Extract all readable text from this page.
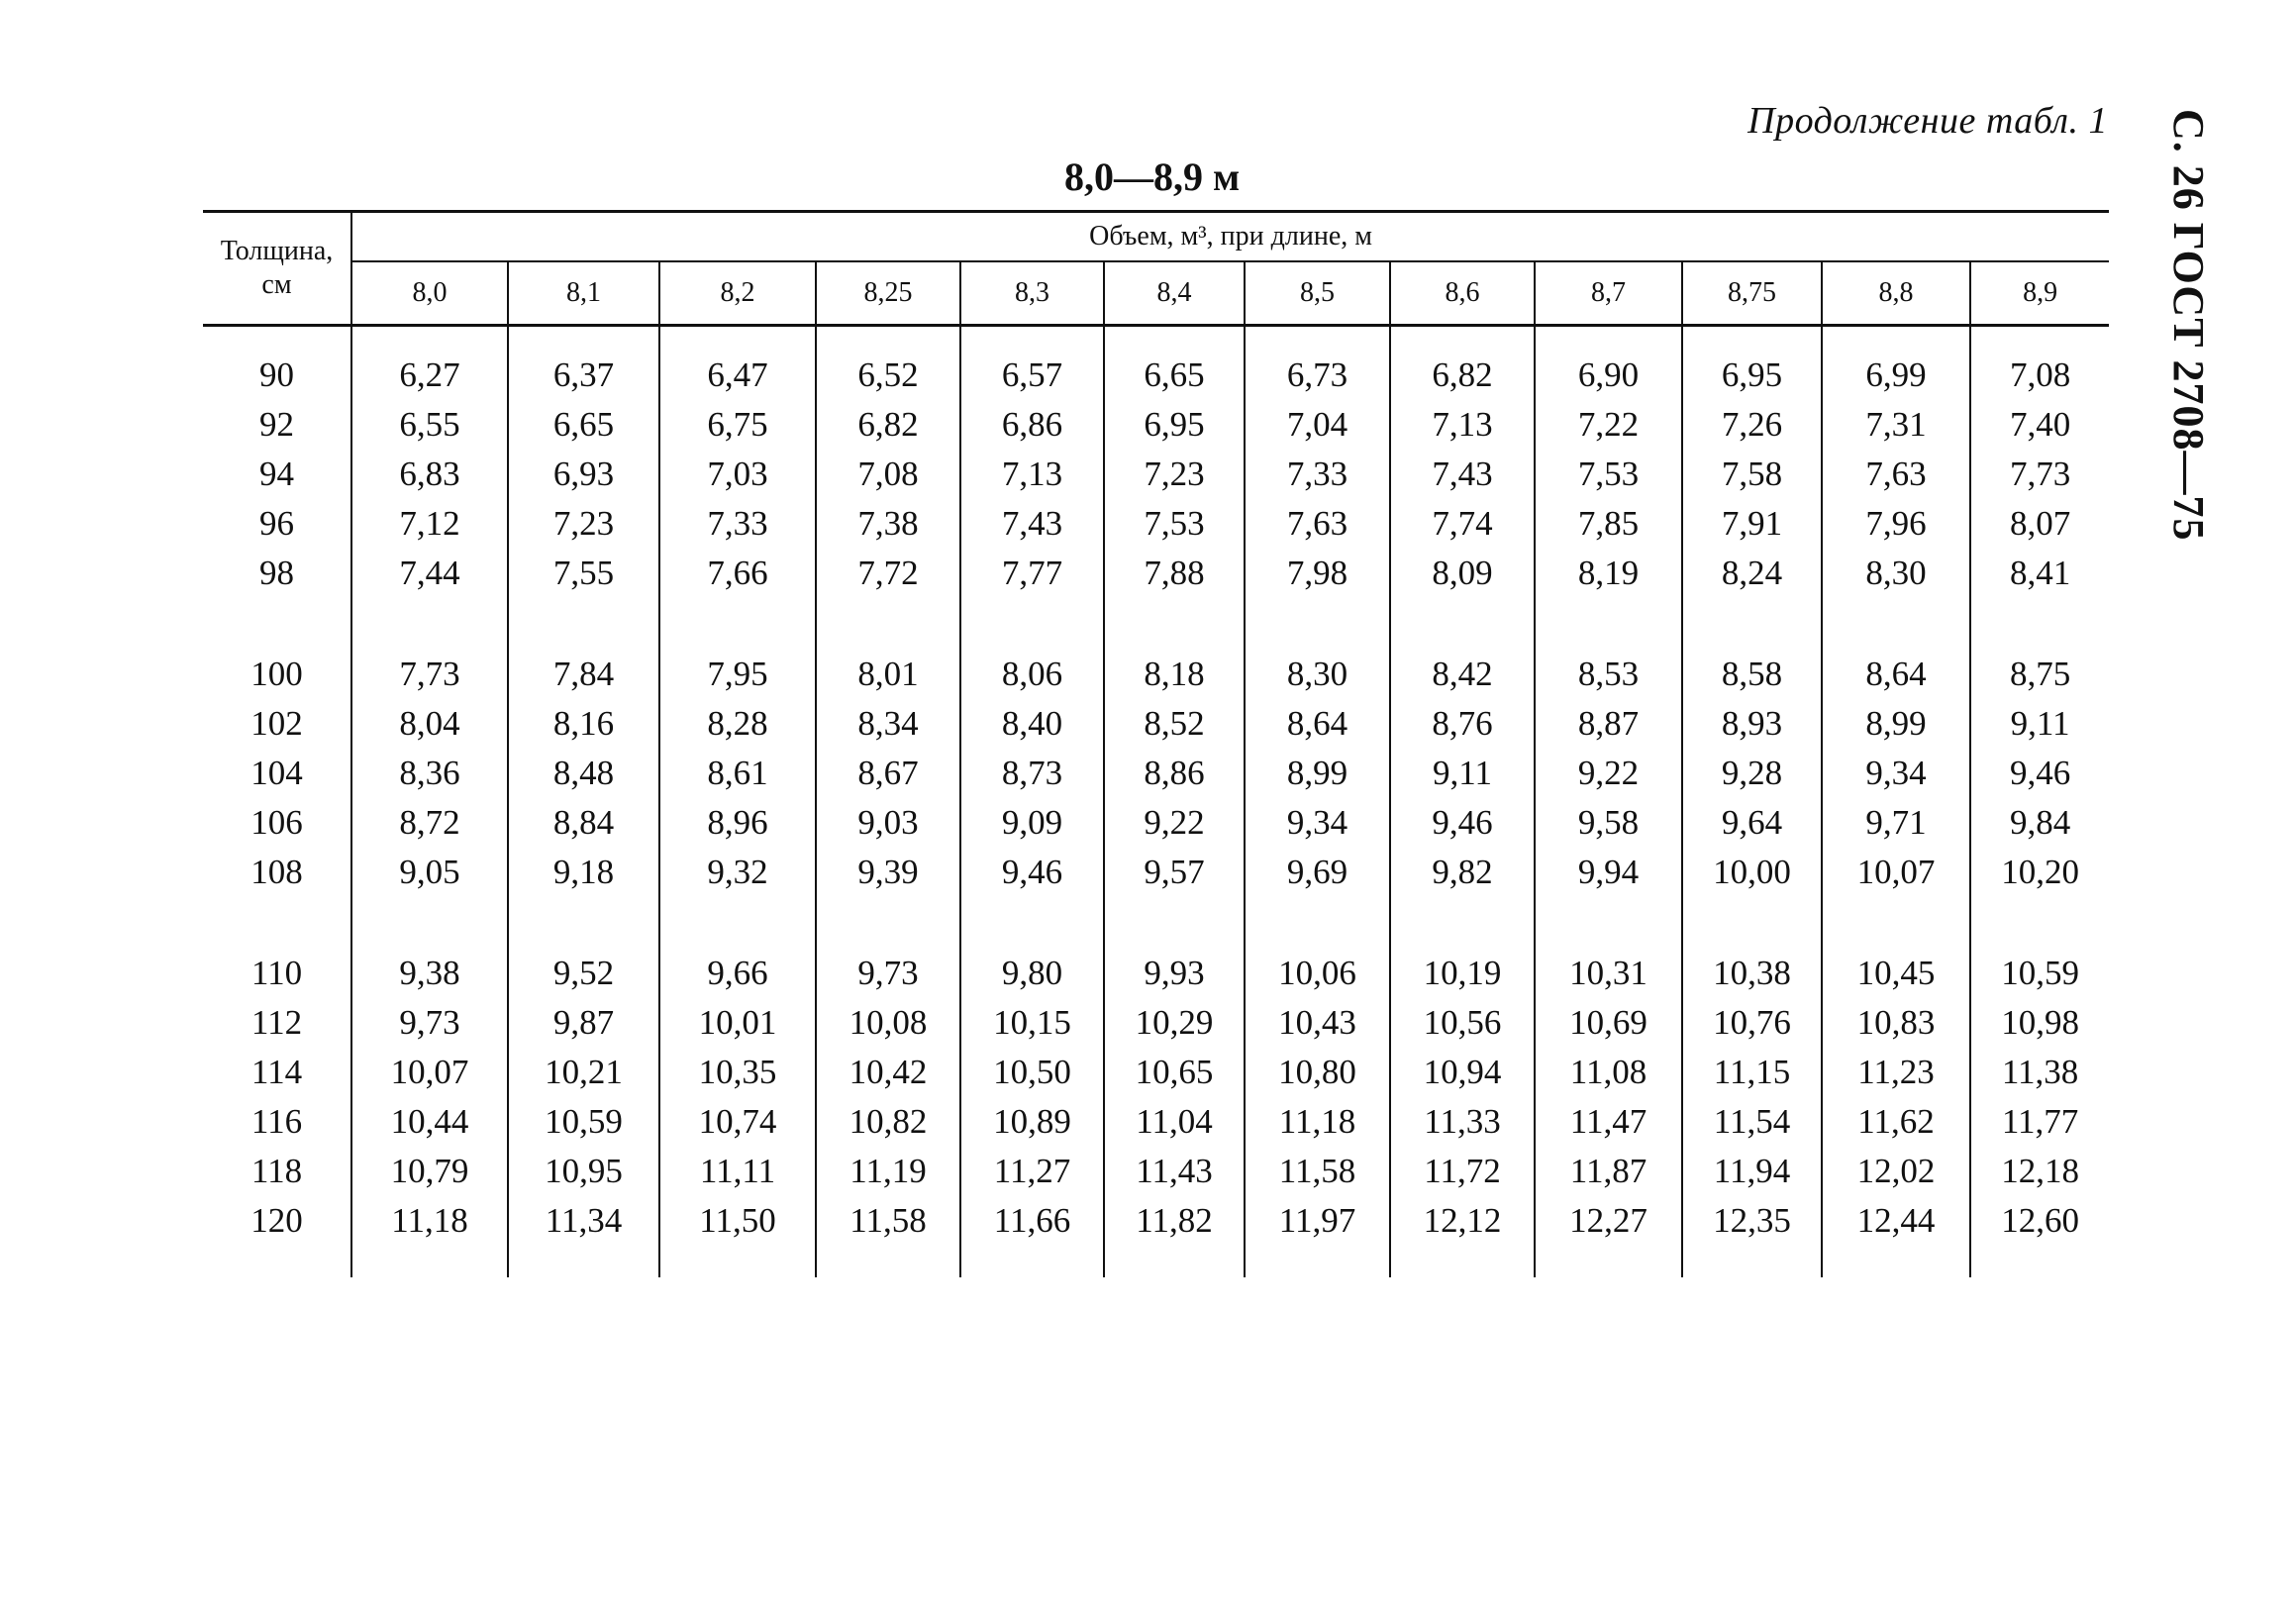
Продолжение табл. 1 С. 26 ГОСТ 2708—75
8,0—8,9 м
Толщина, см	Объем, м³, при длине, м											
	8,0	8,1	8,2	8,25	8,3	8,4	8,5	8,6	8,7	8,75	8,8	8,9

90	6,27	6,37	6,47	6,52	6,57	6,65	6,73	6,82	6,90	6,95	6,99	7,08
92	6,55	6,65	6,75	6,82	6,86	6,95	7,04	7,13	7,22	7,26	7,31	7,40
94	6,83	6,93	7,03	7,08	7,13	7,23	7,33	7,43	7,53	7,58	7,63	7,73
96	7,12	7,23	7,33	7,38	7,43	7,53	7,63	7,74	7,85	7,91	7,96	8,07
98	7,44	7,55	7,66	7,72	7,77	7,88	7,98	8,09	8,19	8,24	8,30	8,41

100	7,73	7,84	7,95	8,01	8,06	8,18	8,30	8,42	8,53	8,58	8,64	8,75
102	8,04	8,16	8,28	8,34	8,40	8,52	8,64	8,76	8,87	8,93	8,99	9,11
104	8,36	8,48	8,61	8,67	8,73	8,86	8,99	9,11	9,22	9,28	9,34	9,46
106	8,72	8,84	8,96	9,03	9,09	9,22	9,34	9,46	9,58	9,64	9,71	9,84
108	9,05	9,18	9,32	9,39	9,46	9,57	9,69	9,82	9,94	10,00	10,07	10,20

110	9,38	9,52	9,66	9,73	9,80	9,93	10,06	10,19	10,31	10,38	10,45	10,59
112	9,73	9,87	10,01	10,08	10,15	10,29	10,43	10,56	10,69	10,76	10,83	10,98
114	10,07	10,21	10,35	10,42	10,50	10,65	10,80	10,94	11,08	11,15	11,23	11,38
116	10,44	10,59	10,74	10,82	10,89	11,04	11,18	11,33	11,47	11,54	11,62	11,77
118	10,79	10,95	11,11	11,19	11,27	11,43	11,58	11,72	11,87	11,94	12,02	12,18
120	11,18	11,34	11,50	11,58	11,66	11,82	11,97	12,12	12,27	12,35	12,44	12,60
